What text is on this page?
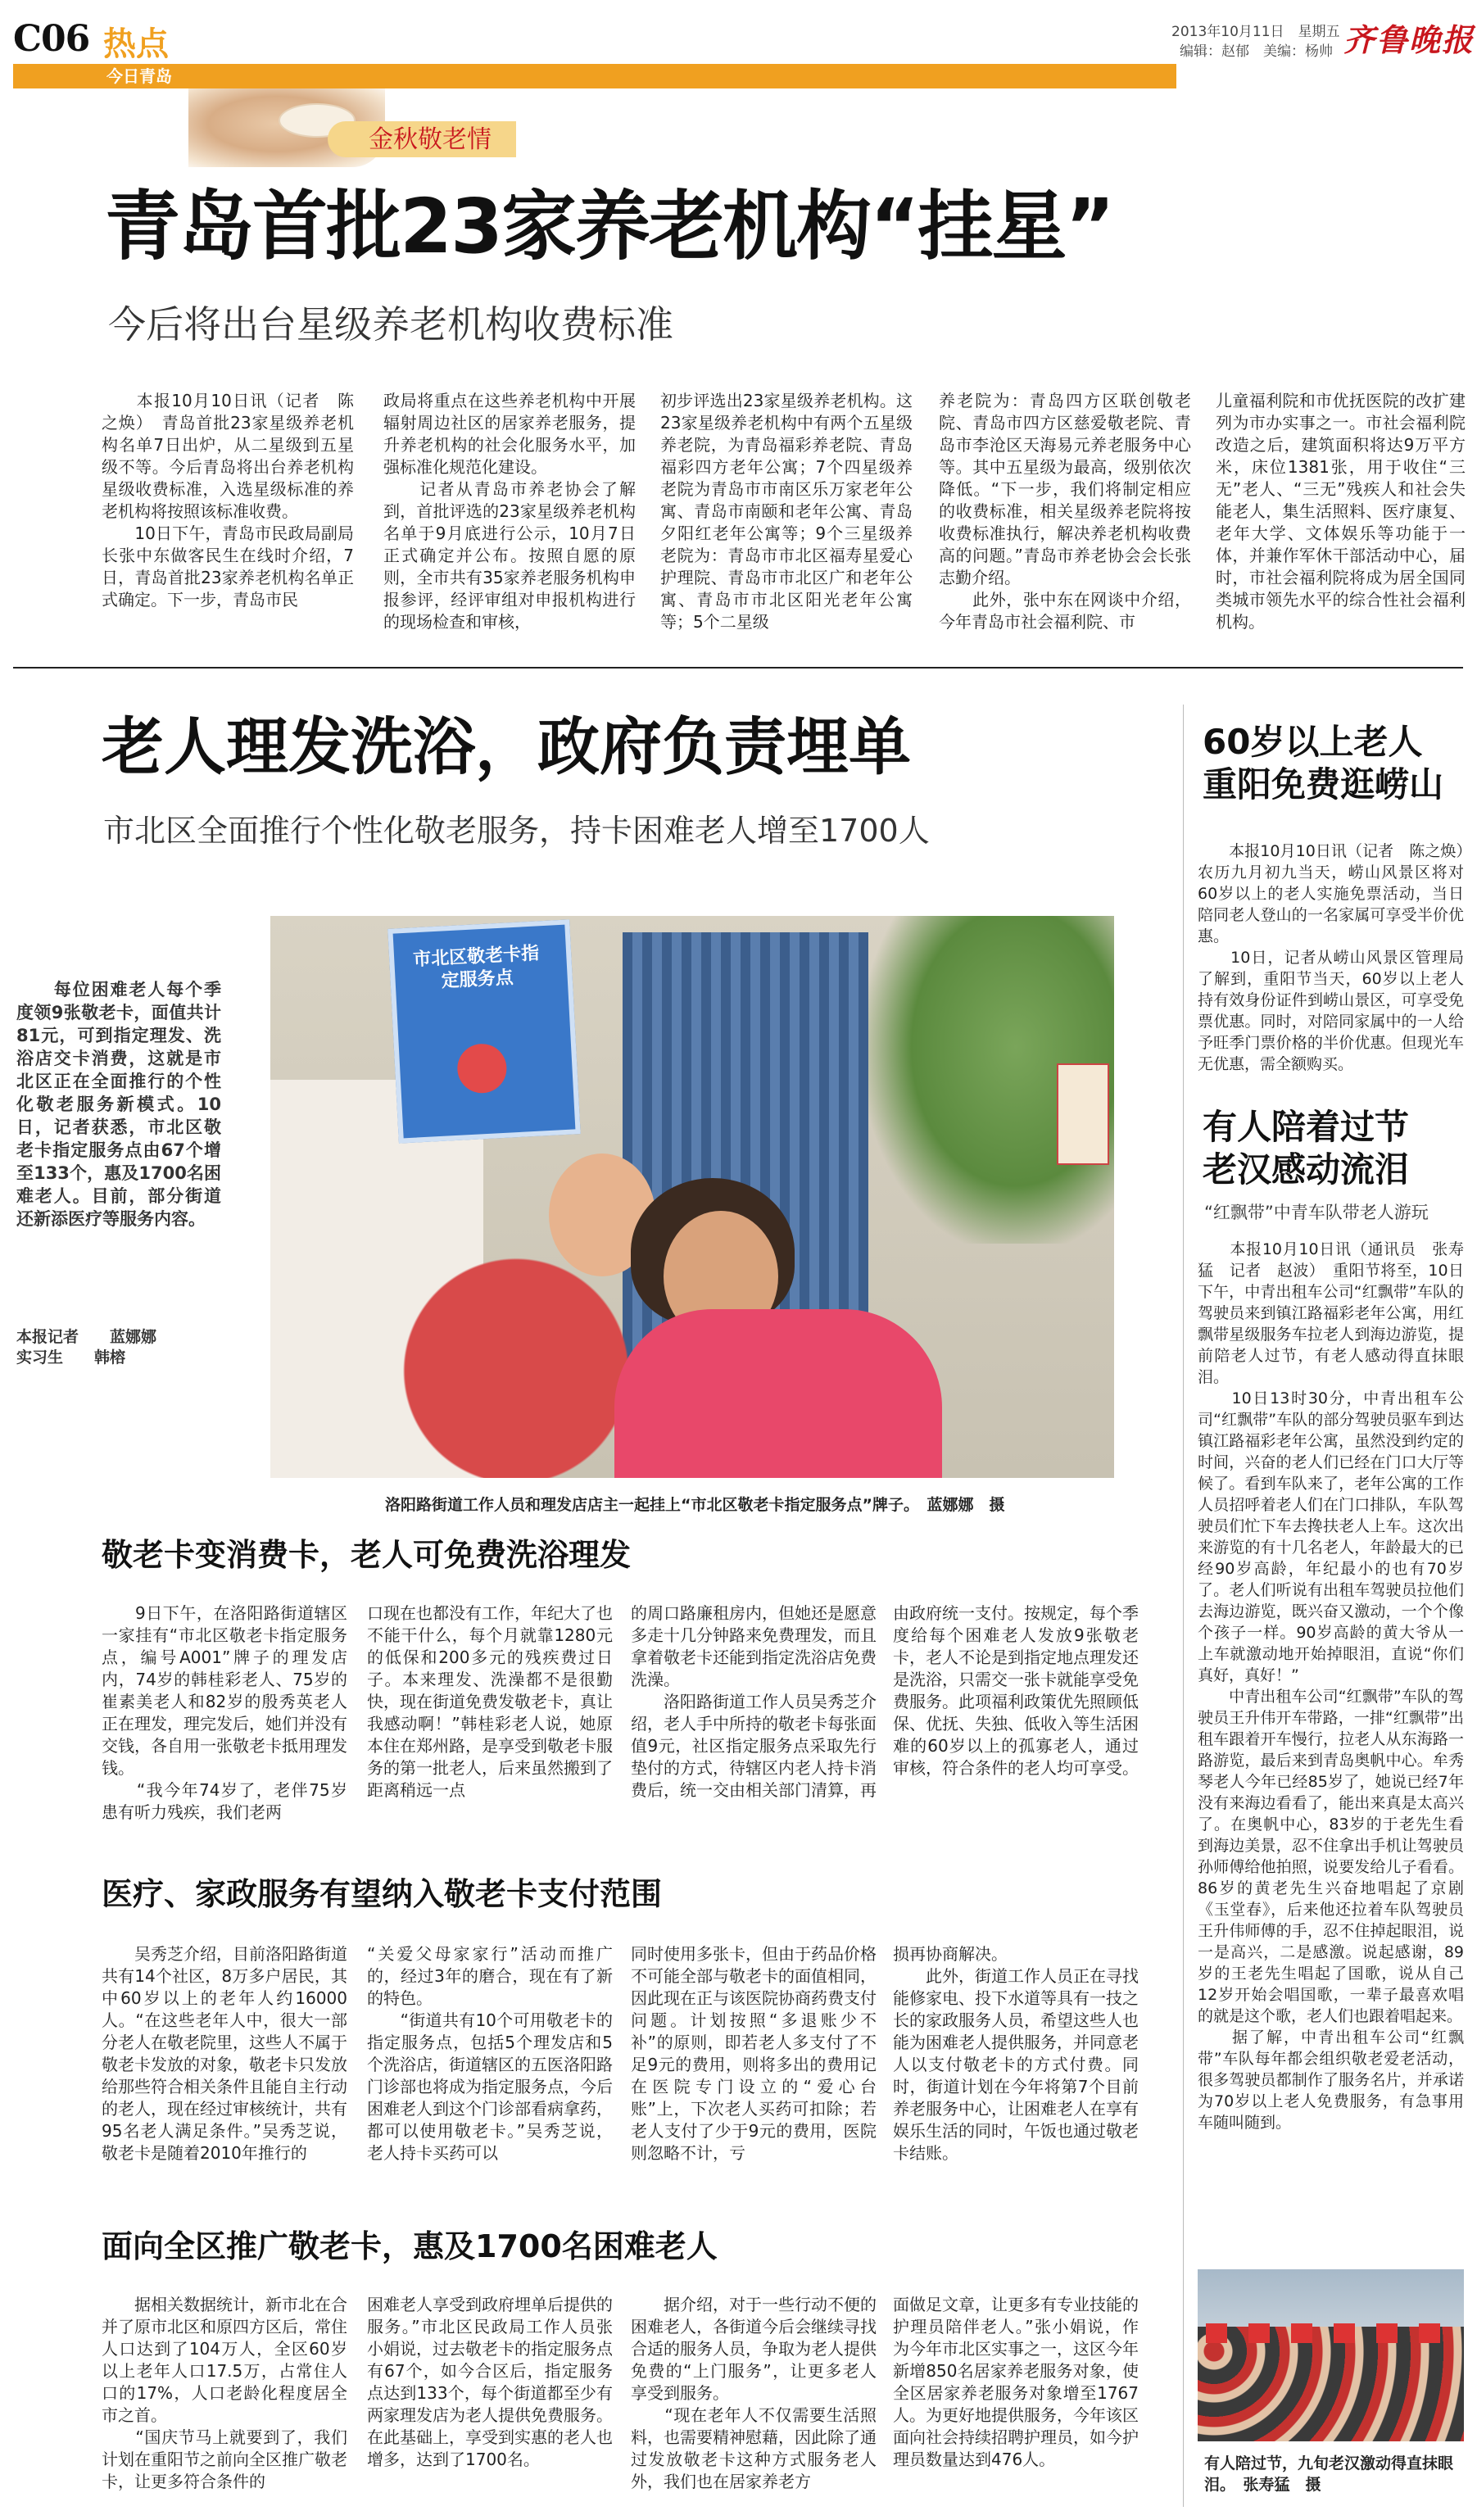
C06 热点
今日青岛
金秋敬老情
2013年10月11日　星期五
编辑：赵郁　美编：杨帅 齐鲁晚报
青岛首批23家养老机构“挂星”
今后将出台星级养老机构收费标准
　　本报10月10日讯（记者　陈之焕）　青岛首批23家星级养老机构名单7日出炉，从二星级到五星级不等。今后青岛将出台养老机构星级收费标准，入选星级标准的养老机构将按照该标准收费。
　　10日下午，青岛市民政局副局长张中东做客民生在线时介绍，7日，青岛首批23家养老机构名单正式确定。下一步，青岛市民
政局将重点在这些养老机构中开展辐射周边社区的居家养老服务，提升养老机构的社会化服务水平，加强标准化规范化建设。
　　记者从青岛市养老协会了解到，首批评选的23家星级养老机构名单于9月底进行公示，10月7日正式确定并公布。按照自愿的原则，全市共有35家养老服务机构申报参评，经评审组对申报机构进行的现场检查和审核，
初步评选出23家星级养老机构。这23家星级养老机构中有两个五星级养老院，为青岛福彩养老院、青岛福彩四方老年公寓；7个四星级养老院为青岛市市南区乐万家老年公寓、青岛市南颐和老年公寓、青岛夕阳红老年公寓等；9个三星级养老院为：青岛市市北区福寿星爱心护理院、青岛市市北区广和老年公寓、青岛市市北区阳光老年公寓等；5个二星级
养老院为：青岛四方区联创敬老院、青岛市四方区慈爱敬老院、青岛市李沧区天海易元养老服务中心等。其中五星级为最高，级别依次降低。“下一步，我们将制定相应的收费标准，相关星级养老院将按收费标准执行，解决养老机构收费高的问题。”青岛市养老协会会长张志勤介绍。
　　此外，张中东在网谈中介绍，今年青岛市社会福利院、市
儿童福利院和市优抚医院的改扩建列为市办实事之一。市社会福利院改造之后，建筑面积将达9万平方米，床位1381张，用于收住“三无”老人、“三无”残疾人和社会失能老人，集生活照料、医疗康复、老年大学、文体娱乐等功能于一体，并兼作军休干部活动中心，届时，市社会福利院将成为居全国同类城市领先水平的综合性社会福利机构。
老人理发洗浴，政府负责埋单
市北区全面推行个性化敬老服务，持卡困难老人增至1700人
　　每位困难老人每个季度领9张敬老卡，面值共计81元，可到指定理发、洗浴店交卡消费，这就是市北区正在全面推行的个性化敬老服务新模式。10日，记者获悉，市北区敬老卡指定服务点由67个增至133个，惠及1700名困难老人。目前，部分街道还新添医疗等服务内容。
本报记者　　蓝娜娜
实习生　　韩榕
市北区敬老卡指定服务点
洛阳路街道工作人员和理发店店主一起挂上“市北区敬老卡指定服务点”牌子。　蓝娜娜　摄
敬老卡变消费卡，老人可免费洗浴理发
　　9日下午，在洛阳路街道辖区一家挂有“市北区敬老卡指定服务点，编号A001”牌子的理发店内，74岁的韩桂彩老人、75岁的崔素美老人和82岁的殷秀英老人正在理发，理完发后，她们并没有交钱，各自用一张敬老卡抵用理发钱。
　　“我今年74岁了，老伴75岁患有听力残疾，我们老两
口现在也都没有工作，年纪大了也不能干什么，每个月就靠1280元的低保和200多元的残疾费过日子。本来理发、洗澡都不是很勤快，现在街道免费发敬老卡，真让我感动啊！”韩桂彩老人说，她原本住在郑州路，是享受到敬老卡服务的第一批老人，后来虽然搬到了距离稍远一点
的周口路廉租房内，但她还是愿意多走十几分钟路来免费理发，而且拿着敬老卡还能到指定洗浴店免费洗澡。
　　洛阳路街道工作人员吴秀芝介绍，老人手中所持的敬老卡每张面值9元，社区指定服务点采取先行垫付的方式，待辖区内老人持卡消费后，统一交由相关部门清算，再
由政府统一支付。按规定，每个季度给每个困难老人发放9张敬老卡，老人不论是到指定地点理发还是洗浴，只需交一张卡就能享受免费服务。此项福利政策优先照顾低保、优抚、失独、低收入等生活困难的60岁以上的孤寡老人，通过审核，符合条件的老人均可享受。
医疗、家政服务有望纳入敬老卡支付范围
　　吴秀芝介绍，目前洛阳路街道共有14个社区，8万多户居民，其中60岁以上的老年人约16000人。“在这些老年人中，很大一部分老人在敬老院里，这些人不属于敬老卡发放的对象，敬老卡只发放给那些符合相关条件且能自主行动的老人，现在经过审核统计，共有95名老人满足条件。”吴秀芝说，敬老卡是随着2010年推行的
“关爱父母家家行”活动而推广的，经过3年的磨合，现在有了新的特色。
　　“街道共有10个可用敬老卡的指定服务点，包括5个理发店和5个洗浴店，街道辖区的五医洛阳路门诊部也将成为指定服务点，今后困难老人到这个门诊部看病拿药，都可以使用敬老卡。”吴秀芝说，老人持卡买药可以
同时使用多张卡，但由于药品价格不可能全部与敬老卡的面值相同，因此现在正与该医院协商药费支付问题。计划按照“多退账少不补”的原则，即若老人多支付了不足9元的费用，则将多出的费用记在医院专门设立的“爱心台账”上，下次老人买药可扣除；若老人支付了少于9元的费用，医院则忽略不计，亏
损再协商解决。
　　此外，街道工作人员正在寻找能修家电、投下水道等具有一技之长的家政服务人员，希望这些人也能为困难老人提供服务，并同意老人以支付敬老卡的方式付费。同时，街道计划在今年将第7个目前养老服务中心，让困难老人在享有娱乐生活的同时，午饭也通过敬老卡结账。
面向全区推广敬老卡，惠及1700名困难老人
　　据相关数据统计，新市北在合并了原市北区和原四方区后，常住人口达到了104万人，全区60岁以上老年人口17.5万，占常住人口的17%，人口老龄化程度居全市之首。
　　“国庆节马上就要到了，我们计划在重阳节之前向全区推广敬老卡，让更多符合条件的
困难老人享受到政府埋单后提供的服务。”市北区民政局工作人员张小娟说，过去敬老卡的指定服务点有67个，如今合区后，指定服务点达到133个，每个街道都至少有两家理发店为老人提供免费服务。在此基础上，享受到实惠的老人也增多，达到了1700名。
　　据介绍，对于一些行动不便的困难老人，各街道今后会继续寻找合适的服务人员，争取为老人提供免费的“上门服务”，让更多老人享受到服务。
　　“现在老年人不仅需要生活照料，也需要精神慰藉，因此除了通过发放敬老卡这种方式服务老人外，我们也在居家养老方
面做足文章，让更多有专业技能的护理员陪伴老人。”张小娟说，作为今年市北区实事之一，这区今年新增850名居家养老服务对象，使全区居家养老服务对象增至1767人。为更好地提供服务，今年该区面向社会持续招聘护理员，如今护理员数量达到476人。
60岁以上老人
重阳免费逛崂山
　　本报10月10日讯（记者　陈之焕）　农历九月初九当天，崂山风景区将对60岁以上的老人实施免票活动，当日陪同老人登山的一名家属可享受半价优惠。
　　10日，记者从崂山风景区管理局了解到，重阳节当天，60岁以上老人持有效身份证件到崂山景区，可享受免票优惠。同时，对陪同家属中的一人给予旺季门票价格的半价优惠。但现光车无优惠，需全额购买。
有人陪着过节
老汉感动流泪
“红飘带”中青车队带老人游玩
　　本报10月10日讯（通讯员　张寿猛　记者　赵波）　重阳节将至，10日下午，中青出租车公司“红飘带”车队的驾驶员来到镇江路福彩老年公寓，用红飘带星级服务车拉老人到海边游览，提前陪老人过节，有老人感动得直抹眼泪。
　　10日13时30分，中青出租车公司“红飘带”车队的部分驾驶员驱车到达镇江路福彩老年公寓，虽然没到约定的时间，兴奋的老人们已经在门口大厅等候了。看到车队来了，老年公寓的工作人员招呼着老人们在门口排队，车队驾驶员们忙下车去搀扶老人上车。这次出来游览的有十几名老人，年龄最大的已经90岁高龄，年纪最小的也有70岁了。老人们听说有出租车驾驶员拉他们去海边游览，既兴奋又激动，一个个像个孩子一样。90岁高龄的黄大爷从一上车就激动地开始掉眼泪，直说“你们真好，真好！”
　　中青出租车公司“红飘带”车队的驾驶员王升伟开车带路，一排“红飘带”出租车跟着开车慢行，拉老人从东海路一路游览，最后来到青岛奥帆中心。牟秀琴老人今年已经85岁了，她说已经7年没有来海边看看了，能出来真是太高兴了。在奥帆中心，83岁的于老先生看到海边美景，忍不住拿出手机让驾驶员孙师傅给他拍照，说要发给儿子看看。86岁的黄老先生兴奋地唱起了京剧《玉堂春》，后来他还拉着车队驾驶员王升伟师傅的手，忍不住掉起眼泪，说一是高兴，二是感激。说起感谢，89岁的王老先生唱起了国歌，说从自己12岁开始会唱国歌，一辈子最喜欢唱的就是这个歌，老人们也跟着唱起来。
　　据了解，中青出租车公司“红飘带”车队每年都会组织敬老爱老活动，很多驾驶员都制作了服务名片，并承诺为70岁以上老人免费服务，有急事用车随叫随到。
有人陪过节，九旬老汉激动得直抹眼泪。　张寿猛　摄
